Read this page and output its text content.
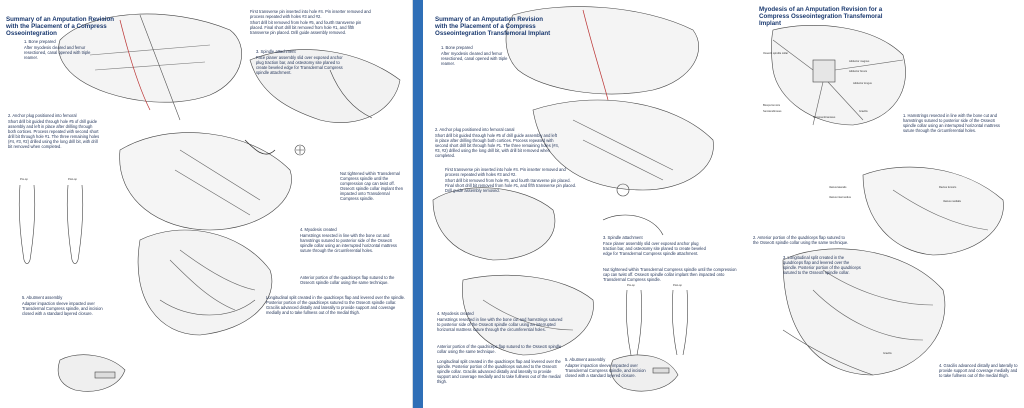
Summary of an Amputation Revision with the Placement of a Compress Osseointegration
1. Bone prepared
After myodesis cleared and femur resectioned, canal opened with triple reamer.
2. Anchor plug positioned into femoral
Short drill bit guided through hole #5 of drill guide assembly and left in place after drilling through both cortices. Process repeated with second short drill bit through hole #1. The three remaining holes (#4, #3, #2) drilled using the long drill bit, with drill bit removed when completed.
First transverse pin inserted into hole #4. Pin inserter removed and process repeated with holes #3 and #2.
Short drill bit removed from hole #5, and fourth transverse pin placed. Final short drill bit removed from hole #1, and fifth transverse pin placed. Drill guide assembly removed.
3. Spindle attachment
Face planer assembly slid over exposed anchor plug traction bar, and osteotomy site planed to create beveled edge for Transdermal Compress spindle attachment.
Nut tightened within Transdermal Compress spindle until the compression cap can twist off. OsseoS spindle collar implant then impacted onto Transdermal Compress spindle.
4. Myodesis created
Hamstrings resected in line with the bone cut and hamstrings sutured to posterior side of the OsseoS spindle collar using an interrupted horizontal mattress suture through the circumferential holes.
Anterior portion of the quadriceps flap sutured to the OsseoS spindle collar using the same technique.
Longitudinal split created in the quadriceps flap and levered over the spindle. Posterior portion of the quadriceps sutured to the OsseoS spindle collar. Gracilis advanced distally and laterally to provide support and coverage medially and to take fullness out of the medial thigh.
5. Abutment assembly
Adapter impaction sleeve impacted over Transdermal Compress spindle, and incision closed with a standard layered closure.
Pre-op	Post-op
Summary of an Amputation Revision with the Placement of a Compress Osseointegration Transfemoral Implant
1. Bone prepared
After myodesis cleared and femur resectioned, canal opened with triple reamer.
2. Anchor plug positioned into femoral canal
Short drill bit guided through hole #5 of drill guide assembly and left in place after drilling through both cortices. Process repeated with second short drill bit through hole #1. The three remaining holes (#4, #3, #2) drilled using the long drill bit, with drill bit removed when completed.
First transverse pin inserted into hole #4. Pin inserter removed and process repeated with holes #3 and #2.
Short drill bit removed from hole #5, and fourth transverse pin placed. Final short drill bit removed from hole #1, and fifth transverse pin placed. Drill guide assembly removed.
3. Spindle attachment
Face planer assembly slid over exposed anchor plug traction bar, and osteotomy site planed to create beveled edge for Transdermal Compress spindle attachment.
Nut tightened within Transdermal Compress spindle until the compression cap can twist off. OsseoS spindle collar implant then impacted onto Transdermal Compress spindle.
4. Myodesis created
Hamstrings resected in line with the bone cut and hamstrings sutured to posterior side of the OsseoS spindle collar using an interrupted horizontal mattress suture through the circumferential holes.
Anterior portion of the quadriceps flap sutured to the OsseoS spindle collar using the same technique.
Longitudinal split created in the quadriceps flap and levered over the spindle. Posterior portion of the quadriceps sutured to the OsseoS spindle collar. Gracilis advanced distally and laterally to provide support and coverage medially and to take fullness out of the medial thigh.
5. Abutment assembly
Adapter impaction sleeve impacted over Transdermal Compress spindle, and incision closed with a standard layered closure.
Pre-op	Post-op
Myodesis of an Amputation Revision for a Compress Osseointegration Transfemoral Implant
1. Hamstrings resected in line with the bone cut and hamstrings sutured to posterior side of the OsseoS spindle collar using an interrupted horizontal mattress suture through the circumferential holes.
2. Anterior portion of the quadriceps flap sutured to the OsseoS spindle collar using the same technique.
3. Longitudinal split created in the quadriceps flap and levered over the spindle. Posterior portion of the quadriceps sutured to the OsseoS spindle collar.
4. Gracilis advanced distally and laterally to provide support and coverage medially and to take fullness out of the medial thigh.
OsseoS spindle collar
Adductor magnus
Adductor brevis
Adductor longus
Biceps femoris
Semitendinosus
Semimembranosus
Gracilis
Vastus lateralis
Vastus intermedius
Rectus femoris
Vastus medialis
Gracilis
